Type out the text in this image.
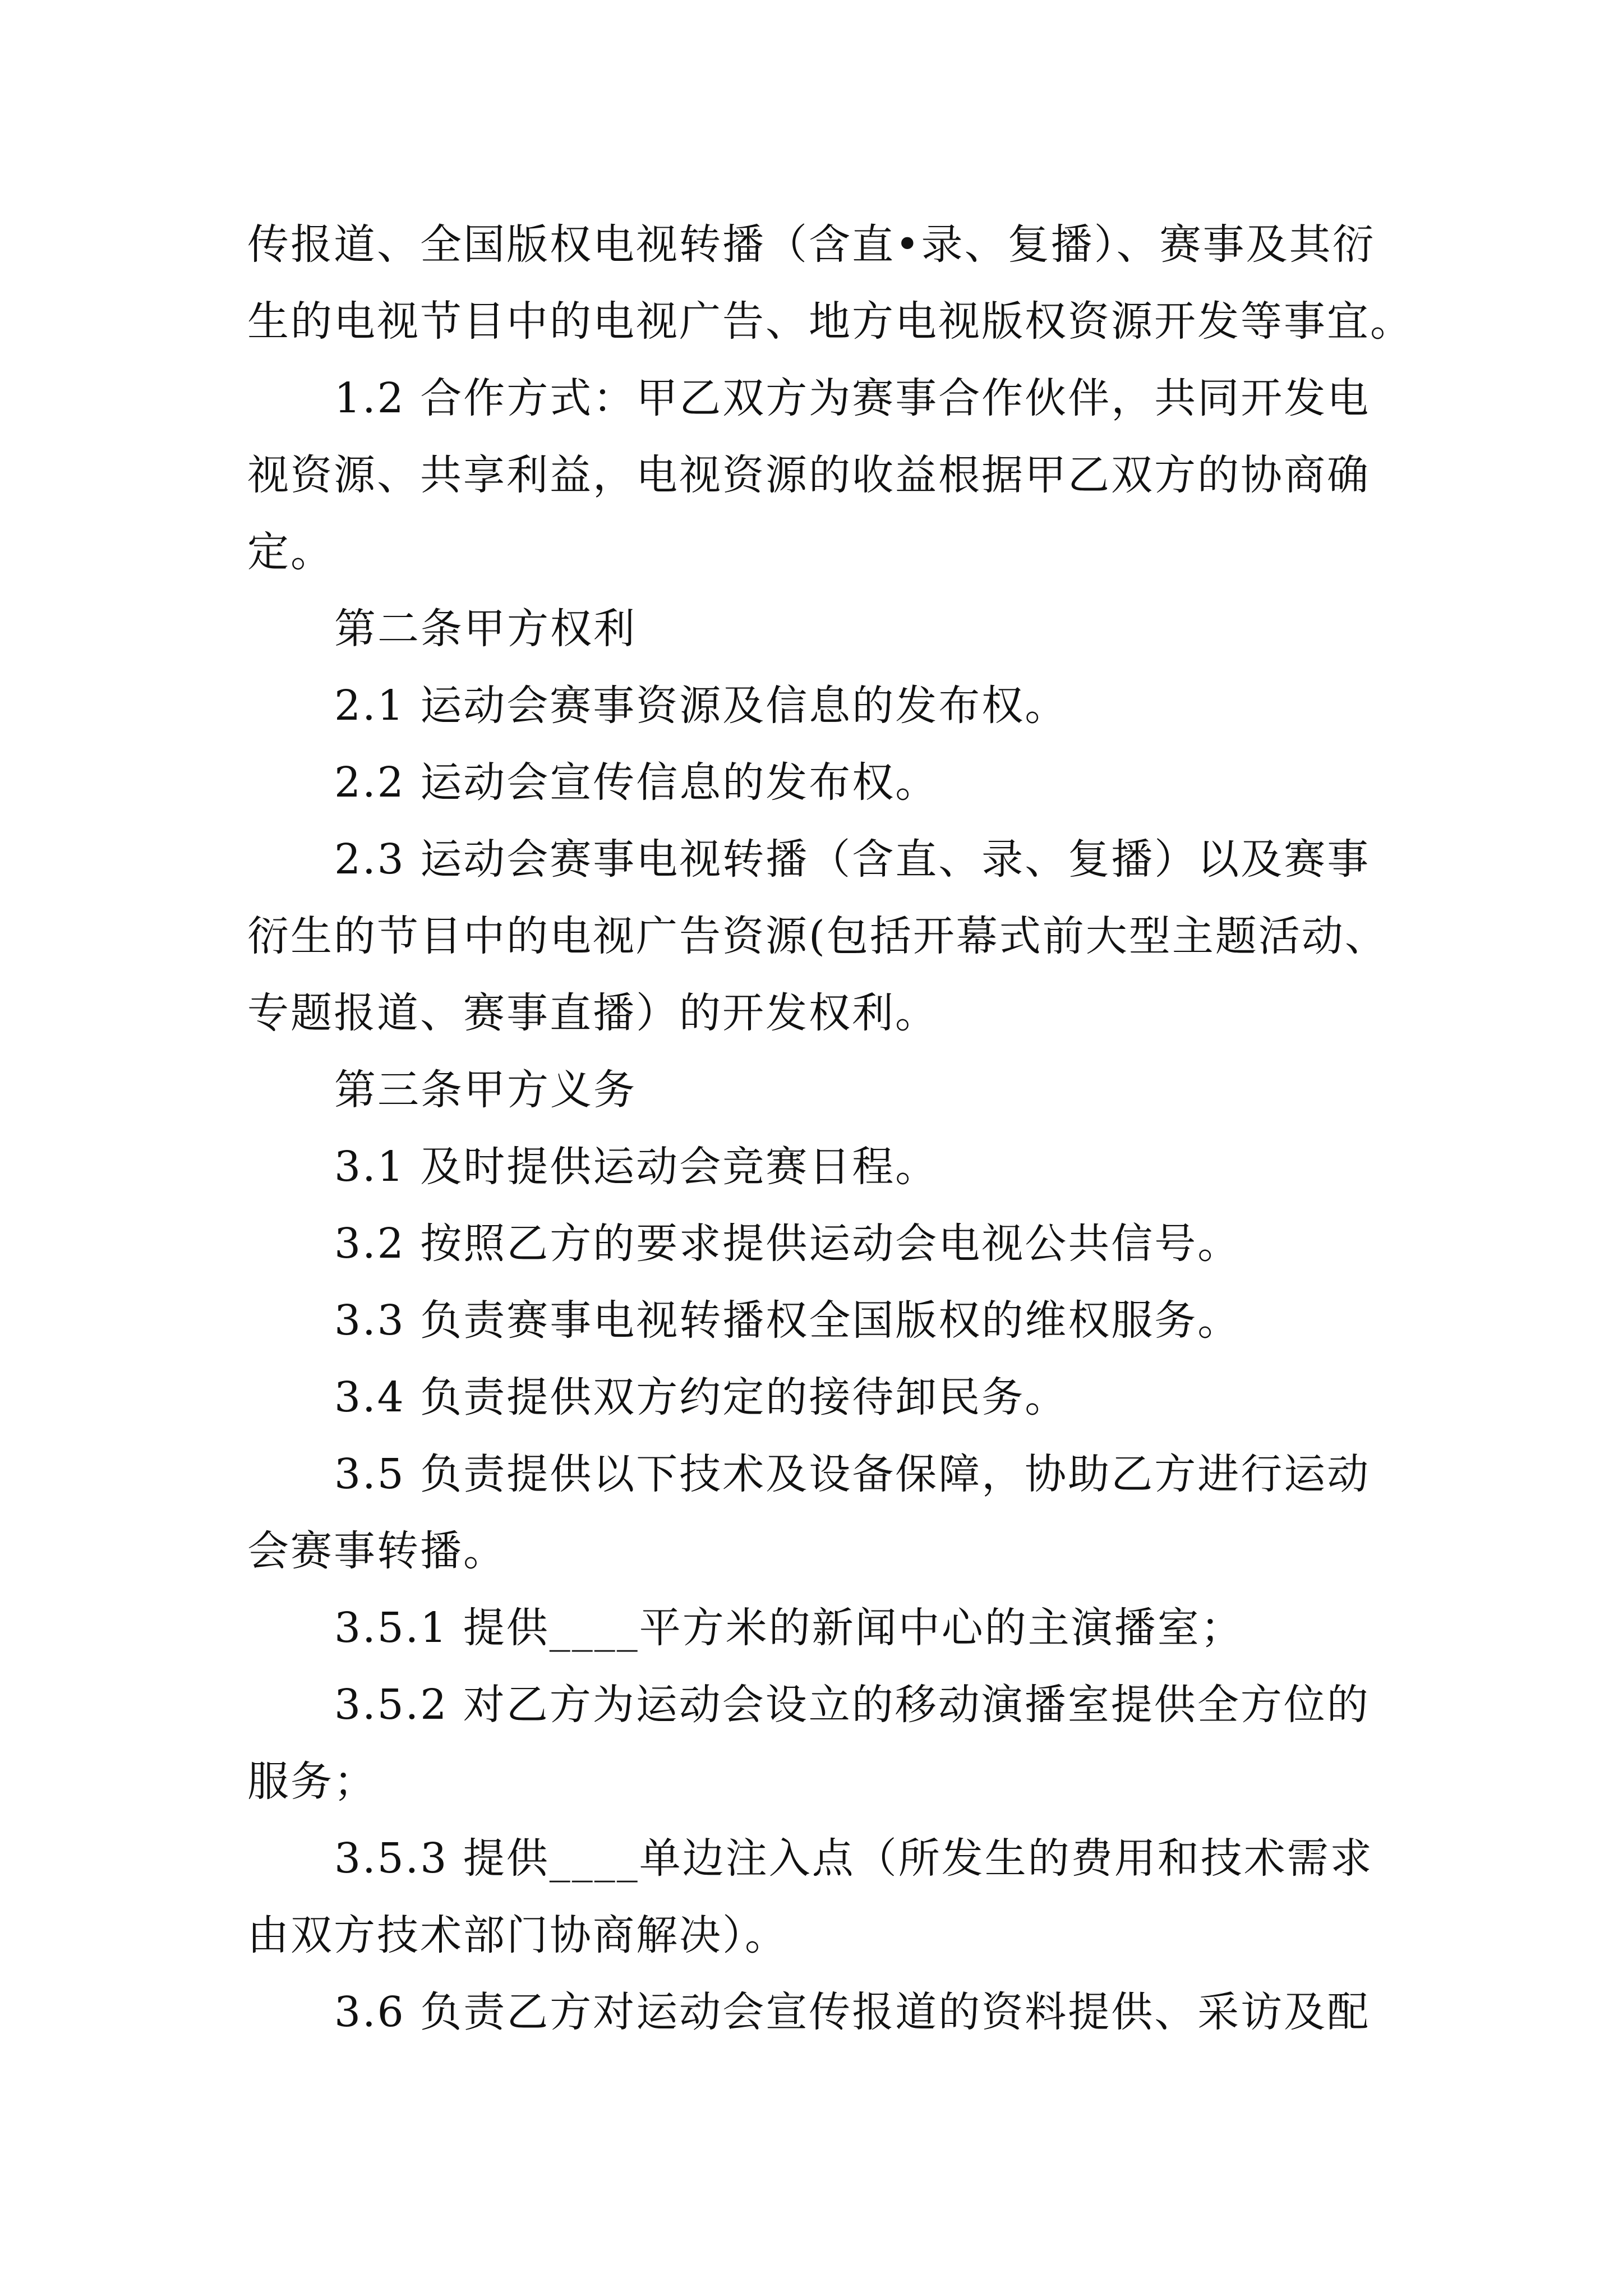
传报道、全国版权电视转播（含直•录、复播）、赛事及其衍
生的电视节目中的电视广告、地方电视版权资源开发等事宜。
1.2 合作方式：甲乙双方为赛事合作伙伴，共同开发电
视资源、共享利益，电视资源的收益根据甲乙双方的协商确
定。
第二条甲方权利
2.1 运动会赛事资源及信息的发布权。
2.2 运动会宣传信息的发布权。
2.3 运动会赛事电视转播（含直、录、复播）以及赛事
衍生的节目中的电视广告资源(包括开幕式前大型主题活动、
专题报道、赛事直播）的开发权利。
第三条甲方义务
3.1 及时提供运动会竞赛日程。
3.2 按照乙方的要求提供运动会电视公共信号。
3.3 负责赛事电视转播权全国版权的维权服务。
3.4 负责提供双方约定的接待卸民务。
3.5 负责提供以下技术及设备保障，协助乙方进行运动
会赛事转播。
3.5.1 提供____平方米的新闻中心的主演播室；
3.5.2 对乙方为运动会设立的移动演播室提供全方位的
服务；
3.5.3 提供____单边注入点（所发生的费用和技术需求
由双方技术部门协商解决）。
3.6 负责乙方对运动会宣传报道的资料提供、采访及配
